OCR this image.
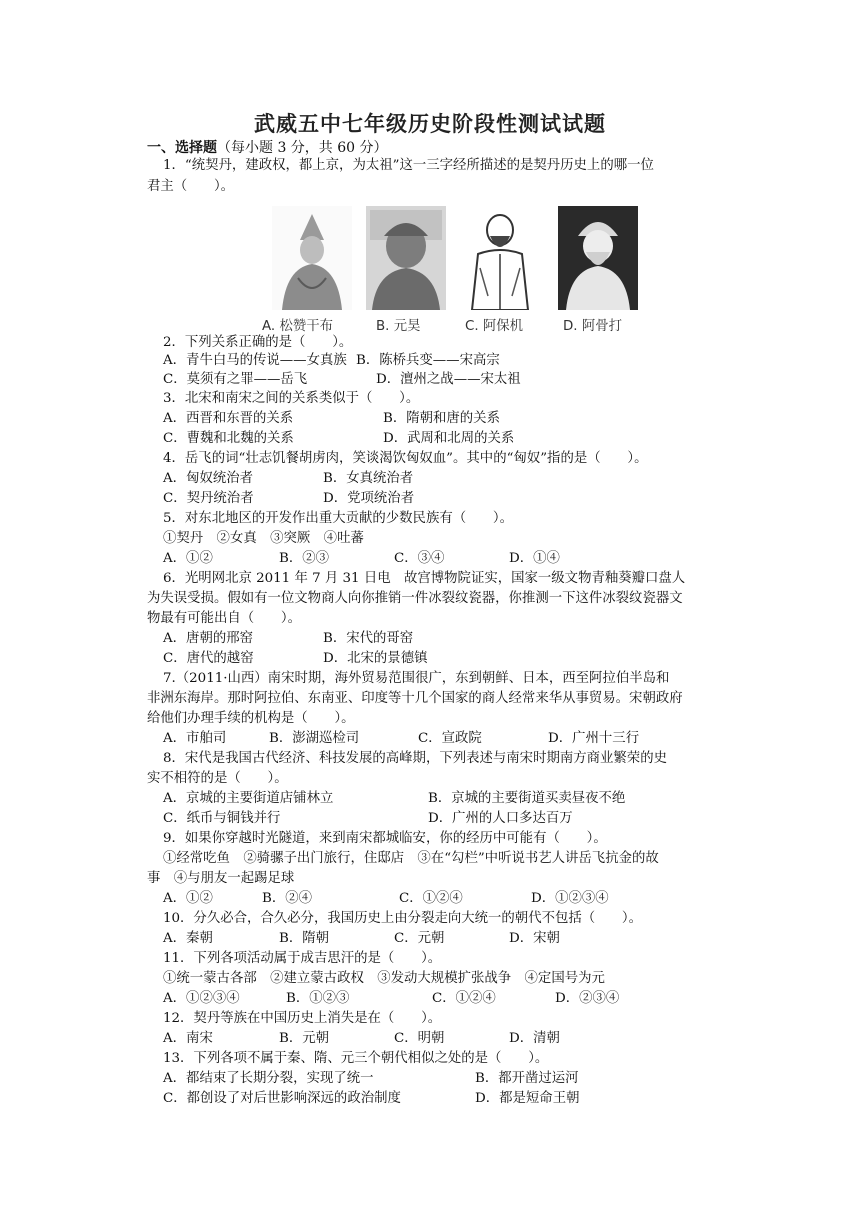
武威五中七年级历史阶段性测试试题
一、选择题（每小题 3 分，共 60 分）
1．“统契丹，建政权，都上京，为太祖”这一三字经所描述的是契丹历史上的哪一位
君主（　　）。
A. 松赞干布	B. 元昊	C. 阿保机	D. 阿骨打
2．下列关系正确的是（　　）。
A．青牛白马的传说——女真族 B．陈桥兵变——宋高宗
C．莫须有之罪——岳飞	D．澶州之战——宋太祖
3．北宋和南宋之间的关系类似于（　　）。
A．西晋和东晋的关系	B．隋朝和唐的关系
C．曹魏和北魏的关系	D．武周和北周的关系
4．岳飞的词“壮志饥餐胡虏肉，笑谈渴饮匈奴血”。其中的“匈奴”指的是（　　）。
A．匈奴统治者	B．女真统治者
C．契丹统治者	D．党项统治者
5．对东北地区的开发作出重大贡献的少数民族有（　　）。
①契丹　②女真　③突厥　④吐蕃
A．①②	B．②③	C．③④	D．①④
6．光明网北京 2011 年 7 月 31 日电　故宫博物院证实，国家一级文物青釉葵瓣口盘人
为失误受损。假如有一位文物商人向你推销一件冰裂纹瓷器，你推测一下这件冰裂纹瓷器文
物最有可能出自（　　）。
A．唐朝的邢窑	B．宋代的哥窑
C．唐代的越窑	D．北宋的景德镇
7.（2011·山西）南宋时期，海外贸易范围很广，东到朝鲜、日本，西至阿拉伯半岛和
非洲东海岸。那时阿拉伯、东南亚、印度等十几个国家的商人经常来华从事贸易。宋朝政府
给他们办理手续的机构是（　　）。
A．市舶司	B．澎湖巡检司	C．宣政院	D．广州十三行
8．宋代是我国古代经济、科技发展的高峰期，下列表述与南宋时期南方商业繁荣的史
实不相符的是（　　）。
A．京城的主要街道店铺林立	B．京城的主要街道买卖昼夜不绝
C．纸币与铜钱并行	D．广州的人口多达百万
9．如果你穿越时光隧道，来到南宋都城临安，你的经历中可能有（　　）。
①经常吃鱼　②骑骡子出门旅行，住邸店　③在“勾栏”中听说书艺人讲岳飞抗金的故
事　④与朋友一起踢足球
A．①②	B．②④	C．①②④	D．①②③④
10．分久必合，合久必分，我国历史上由分裂走向大统一的朝代不包括（　　）。
A．秦朝	B．隋朝	C．元朝	D．宋朝
11．下列各项活动属于成吉思汗的是（　　）。
①统一蒙古各部　②建立蒙古政权　③发动大规模扩张战争　④定国号为元
A．①②③④	B．①②③	C．①②④	D．②③④
12．契丹等族在中国历史上消失是在（　　）。
A．南宋	B．元朝	C．明朝	D．清朝
13．下列各项不属于秦、隋、元三个朝代相似之处的是（　　）。
A．都结束了长期分裂，实现了统一	B．都开凿过运河
C．都创设了对后世影响深远的政治制度	D．都是短命王朝
